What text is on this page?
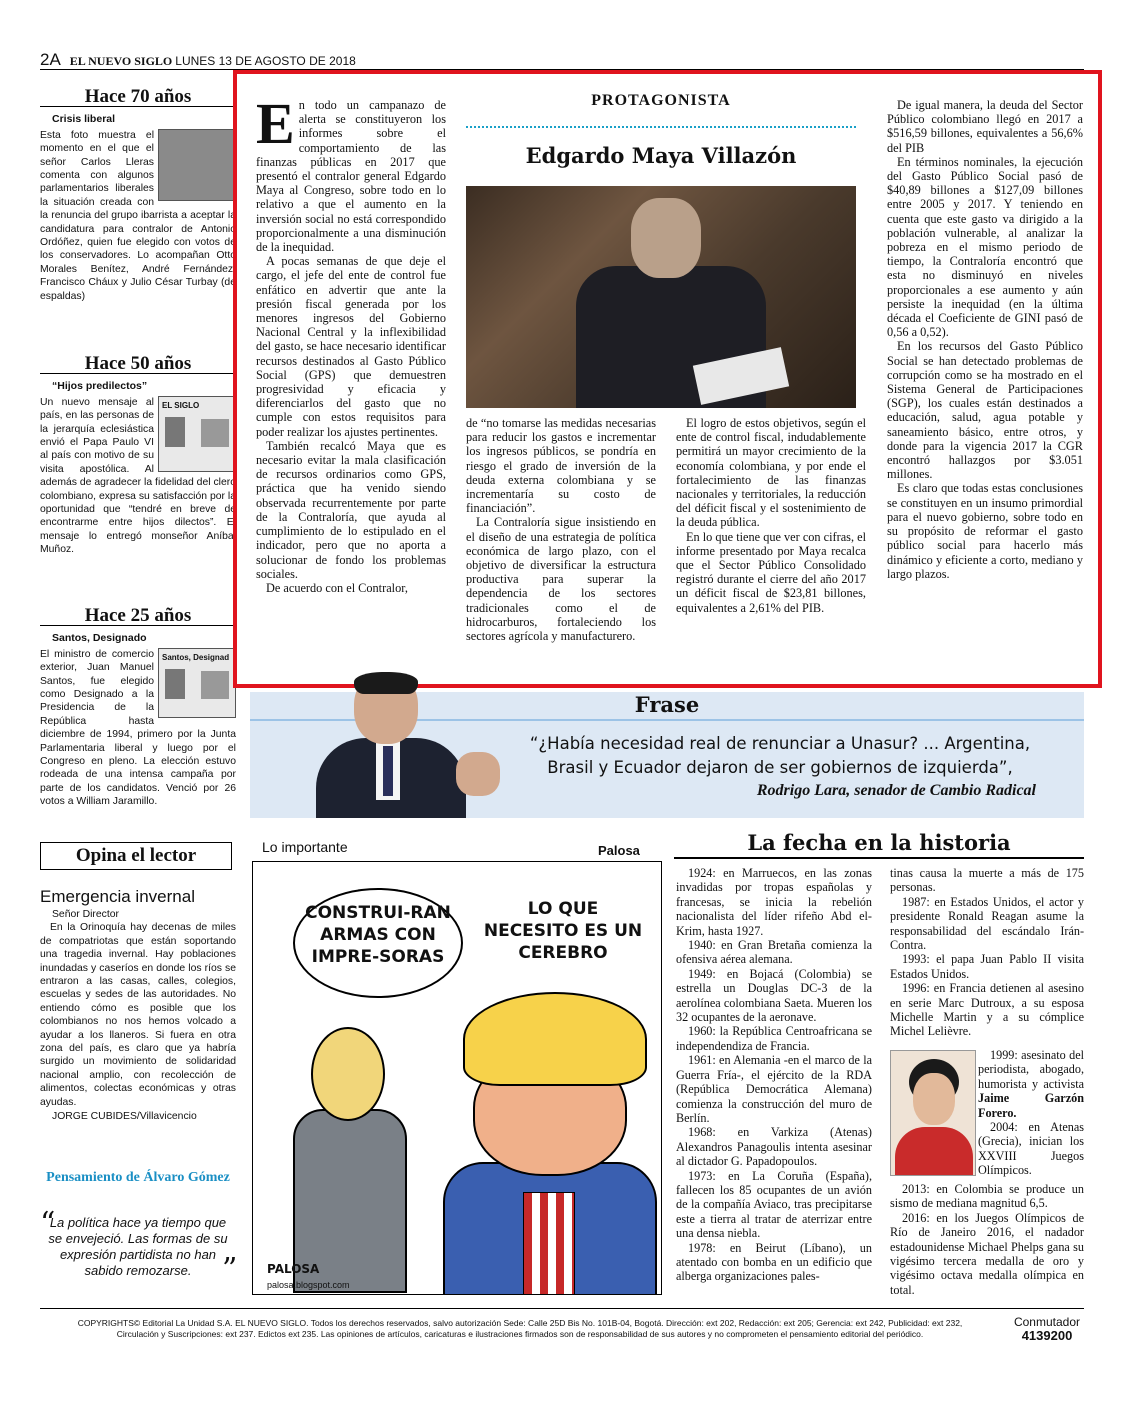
2A EL NUEVO SIGLO LUNES 13 DE AGOSTO DE 2018
Hace 70 años
Crisis liberal

Esta foto muestra el momento en el que el señor Carlos Lleras comenta con algunos parlamentarios liberales la situación creada con la renuncia del grupo ibarrista a aceptar la candidatura para contralor de Antonio Ordóñez, quien fue elegido con votos de los conservadores. Lo acompañan Otto Morales Benítez, André Fernández, Francisco Cháux y Julio César Turbay (de espaldas)

Hace 50 años
“Hijos predilectos”
EL SIGLO

Un nuevo mensaje al país, en las personas de la jerarquía eclesiástica envió el Papa Paulo VI al país con motivo de su visita apostólica. Al además de agradecer la fidelidad del clero colombiano, expresa su satisfacción por la oportunidad que “tendré en breve de encontrarme entre hijos dilectos”. El mensaje lo entregó monseñor Aníbal Muñoz.

Hace 25 años
Santos, Designado
Santos, Designad

El ministro de comercio exterior, Juan Manuel Santos, fue elegido como Designado a la Presidencia de la República hasta diciembre de 1994, primero por la Junta Parlamentaria liberal y luego por el Congreso en pleno. La elección estuvo rodeada de una intensa campaña por parte de los candidatos. Venció por 26 votos a William Jaramillo.

Opina el lector
Emergencia invernal

Señor Director

En la Orinoquía hay decenas de miles de compatriotas que están soportando una tragedia invernal. Hay poblaciones inundadas y caseríos en donde los ríos se entraron a las casas, calles, colegios, escuelas y sedes de las autoridades. No entiendo cómo es posible que los colombianos no nos hemos volcado a ayudar a los llaneros. Si fuera en otra zona del país, es claro que ya habría surgido un movimiento de solidaridad nacional amplio, con recolección de alimentos, colectas económicas y otras ayudas.

JORGE CUBIDES/Villavicencio

Pensamiento de Álvaro Gómez
“
La política hace ya tiempo que se envejeció. Las formas de su expresión partidista no han sabido remozarse.	”

E n todo un campanazo de alerta se constituyeron los informes sobre el comportamiento de las finanzas públicas en 2017 que presentó el contralor general Edgardo Maya al Congreso, sobre todo en lo relativo a que el aumento en la inversión social no está correspondido proporcionalmente a una disminución de la inequidad.

A pocas semanas de que deje el cargo, el jefe del ente de control fue enfático en advertir que ante la presión fiscal generada por los menores ingresos del Gobierno Nacional Central y la inflexibilidad del gasto, se hace necesario identificar recursos destinados al Gasto Público Social (GPS) que demuestren progresividad y eficacia y diferenciarlos del gasto que no cumple con estos requisitos para poder realizar los ajustes pertinentes.

También recalcó Maya que es necesario evitar la mala clasificación de recursos ordinarios como GPS, práctica que ha venido siendo observada recurrentemente por parte de la Contraloría, que ayuda al cumplimiento de lo estipulado en el indicador, pero que no aporta a solucionar de fondo los problemas sociales.

De acuerdo con el Contralor,

PROTAGONISTA
Edgardo Maya Villazón

de “no tomarse las medidas necesarias para reducir los gastos e incrementar los ingresos públicos, se pondría en riesgo el grado de inversión de la deuda externa colombiana y se incrementaría su costo de financiación”.

La Contraloría sigue insistiendo en el diseño de una estrategia de política económica de largo plazo, con el objetivo de diversificar la estructura productiva para superar la dependencia de los sectores tradicionales como el de hidrocarburos, fortaleciendo los sectores agrícola y manufacturero.

El logro de estos objetivos, según el ente de control fiscal, indudablemente permitirá un mayor crecimiento de la economía colombiana, y por ende el fortalecimiento de las finanzas nacionales y territoriales, la reducción del déficit fiscal y el sostenimiento de la deuda pública.

En lo que tiene que ver con cifras, el informe presentado por Maya recalca que el Sector Público Consolidado registró durante el cierre del año 2017 un déficit fiscal de $23,81 billones, equivalentes a 2,61% del PIB.

De igual manera, la deuda del Sector Público colombiano llegó en 2017 a $516,59 billones, equivalentes a 56,6% del PIB

En términos nominales, la ejecución del Gasto Público Social pasó de $40,89 billones a $127,09 billones entre 2005 y 2017. Y teniendo en cuenta que este gasto va dirigido a la población vulnerable, al analizar la pobreza en el mismo periodo de tiempo, la Contraloría encontró que esta no disminuyó en niveles proporcionales a ese aumento y aún persiste la inequidad (en la última década el Coeficiente de GINI pasó de 0,56 a 0,52).

En los recursos del Gasto Público Social se han detectado problemas de corrupción como se ha mostrado en el Sistema General de Participaciones (SGP), los cuales están destinados a educación, salud, agua potable y saneamiento básico, entre otros, y donde para la vigencia 2017 la CGR encontró hallazgos por $3.051 millones.

Es claro que todas estas conclusiones se constituyen en un insumo primordial para el nuevo gobierno, sobre todo en su propósito de reformar el gasto público social para hacerlo más dinámico y eficiente a corto, mediano y largo plazos.

Frase
“¿Había necesidad real de renunciar a Unasur? ... Argentina,
Brasil y Ecuador dejaron de ser gobiernos de izquierda”,
Rodrigo Lara, senador de Cambio Radical
Lo importante	Palosa
CONSTRUI-RAN ARMAS CON IMPRE-SORAS
LO QUE NECESITO ES UN CEREBRO
PALOSA
palosa.blogspot.com
La fecha en la historia

1924: en Marruecos, en las zonas invadidas por tropas españolas y francesas, se inicia la rebelión nacionalista del líder rifeño Abd el-Krim, hasta 1927.

1940: en Gran Bretaña comienza la ofensiva aérea alemana.

1949: en Bojacá (Colombia) se estrella un Douglas DC-3 de la aerolínea colombiana Saeta. Mueren los 32 ocupantes de la aeronave.

1960: la República Centroafricana se independendiza de Francia.

1961: en Alemania -en el marco de la Guerra Fría-, el ejército de la RDA (República Democrática Alemana) comienza la construcción del muro de Berlín.

1968: en Varkiza (Atenas) Alexandros Panagoulis intenta asesinar al dictador G. Papadopoulos.

1973: en La Coruña (España), fallecen los 85 ocupantes de un avión de la compañía Aviaco, tras precipitarse este a tierra al tratar de aterrizar entre una densa niebla.

1978: en Beirut (Líbano), un atentado con bomba en un edificio que alberga organizaciones pales-

tinas causa la muerte a más de 175 personas.

1987: en Estados Unidos, el actor y presidente Ronald Reagan asume la responsabilidad del escándalo Irán-Contra.

1993: el papa Juan Pablo II visita Estados Unidos.

1996: en Francia detienen al asesino en serie Marc Dutroux, a su esposa Michelle Martin y a su cómplice Michel Lelièvre.

1999: asesinato del periodista, abogado, humorista y activista Jaime Garzón Forero.

2004: en Atenas (Grecia), inician los XXVIII Juegos Olímpicos.

2013: en Colombia se produce un sismo de mediana magnitud 6,5.

2016: en los Juegos Olímpicos de Río de Janeiro 2016, el nadador estadounidense Michael Phelps gana su vigésimo tercera medalla de oro y vigésimo octava medalla olímpica en total.

COPYRIGHTS© Editorial La Unidad S.A. EL NUEVO SIGLO. Todos los derechos reservados, salvo autorización Sede: Calle 25D Bis No. 101B-04, Bogotá. Dirección: ext 202, Redacción: ext 205; Gerencia: ext 242, Publicidad: ext 232,
Circulación y Suscripciones: ext 237. Edictos ext 235. Las opiniones de artículos, caricaturas e ilustraciones firmados son de responsabilidad de sus autores y no comprometen el pensamiento editorial del periódico.
Conmutador
4139200
